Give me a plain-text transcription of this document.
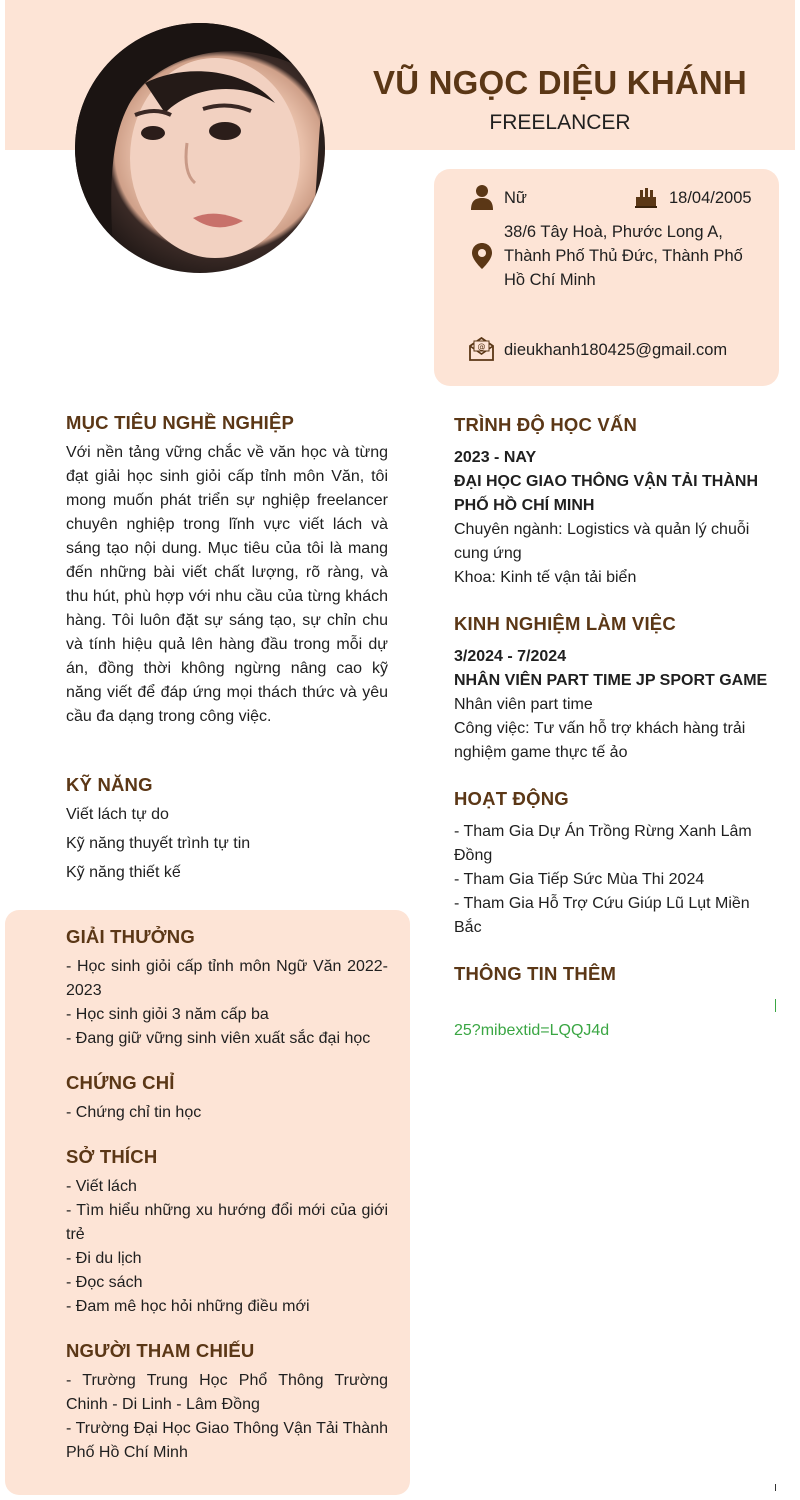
VŨ NGỌC DIỆU KHÁNH
FREELANCER
Nữ	18/04/2005
38/6 Tây Hoà, Phước Long A, Thành Phố Thủ Đức, Thành Phố Hồ Chí Minh
@ dieukhanh180425@gmail.com
MỤC TIÊU NGHỀ NGHIỆP
Với nền tảng vững chắc về văn học và từng đạt giải học sinh giỏi cấp tỉnh môn Văn, tôi mong muốn phát triển sự nghiệp freelancer chuyên nghiệp trong lĩnh vực viết lách và sáng tạo nội dung. Mục tiêu của tôi là mang đến những bài viết chất lượng, rõ ràng, và thu hút, phù hợp với nhu cầu của từng khách hàng. Tôi luôn đặt sự sáng tạo, sự chỉn chu và tính hiệu quả lên hàng đầu trong mỗi dự án, đồng thời không ngừng nâng cao kỹ năng viết để đáp ứng mọi thách thức và yêu cầu đa dạng trong công việc.
KỸ NĂNG
Viết lách tự do
Kỹ năng thuyết trình tự tin
Kỹ năng thiết kế
GIẢI THƯỞNG
- Học sinh giỏi cấp tỉnh môn Ngữ Văn 2022-2023
- Học sinh giỏi 3 năm cấp ba
- Đang giữ vững sinh viên xuất sắc đại học
CHỨNG CHỈ
- Chứng chỉ tin học
SỞ THÍCH
- Viết lách
- Tìm hiểu những xu hướng đổi mới của giới trẻ
- Đi du lịch
- Đọc sách
- Đam mê học hỏi những điều mới
NGƯỜI THAM CHIẾU
- Trường Trung Học Phổ Thông Trường Chinh - Di Linh - Lâm Đồng
- Trường Đại Học Giao Thông Vận Tải Thành Phố Hồ Chí Minh
TRÌNH ĐỘ HỌC VẤN
2023 - NAY
ĐẠI HỌC GIAO THÔNG VẬN TẢI THÀNH PHỐ HỒ CHÍ MINH
Chuyên ngành: Logistics và quản lý chuỗi cung ứng
Khoa: Kinh tế vận tải biển
KINH NGHIỆM LÀM VIỆC
3/2024 - 7/2024
NHÂN VIÊN PART TIME JP SPORT GAME
Nhân viên part time
Công việc: Tư vấn hỗ trợ khách hàng trải nghiệm game thực tế ảo
HOẠT ĐỘNG
- Tham Gia Dự Án Trồng Rừng Xanh Lâm Đồng
- Tham Gia Tiếp Sức Mùa Thi 2024
- Tham Gia Hỗ Trợ Cứu Giúp Lũ Lụt Miền Bắc
THÔNG TIN THÊM
25?mibextid=LQQJ4d
